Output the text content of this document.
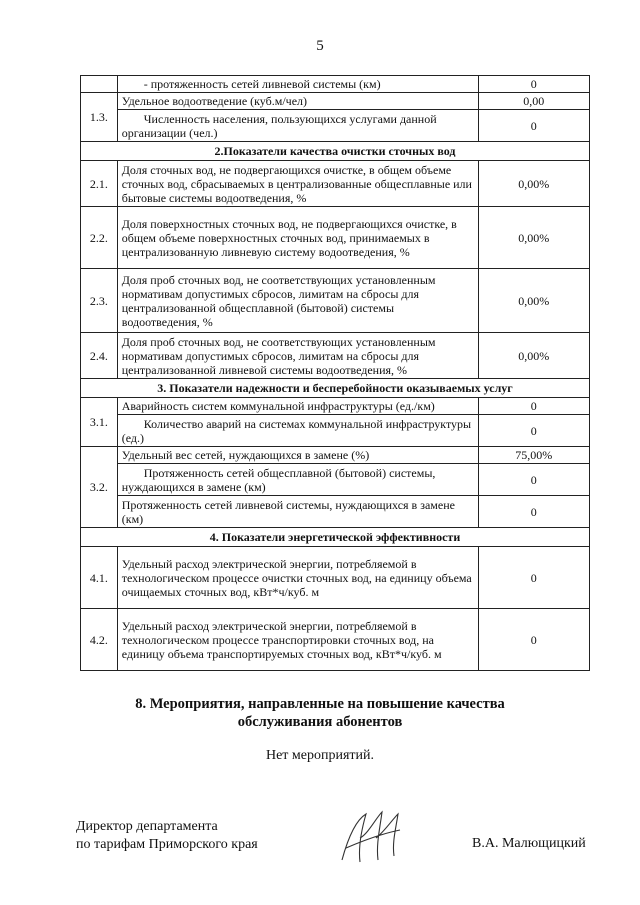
5
	- протяженность сетей ливневой системы (км)	0
1.3.	Удельное водоотведение (куб.м/чел)	0,00
	Численность населения, пользующихся услугами данной организации (чел.)	0
2.Показатели качества очистки сточных вод		
2.1.	Доля сточных вод, не подвергающихся очистке, в общем объеме сточных вод, сбрасываемых в централизованные общесплавные или бытовые системы водоотведения, %	0,00%
2.2.	Доля поверхностных сточных вод, не подвергающихся очистке, в общем объеме поверхностных сточных вод, принимаемых в централизованную ливневую систему водоотведения, %	0,00%
2.3.	Доля проб сточных вод, не соответствующих установленным нормативам допустимых сбросов, лимитам на сбросы для централизованной общесплавной (бытовой) системы водоотведения, %	0,00%
2.4.	Доля проб сточных вод, не соответствующих установленным нормативам допустимых сбросов, лимитам на сбросы для централизованной ливневой системы водоотведения, %	0,00%
3. Показатели надежности и бесперебойности оказываемых услуг		
3.1.	Аварийность систем коммунальной инфраструктуры (ед./км)	0
	Количество аварий на системах коммунальной инфраструктуры (ед.)	0
3.2.	Удельный вес сетей, нуждающихся в замене (%)	75,00%
	Протяженность сетей общесплавной (бытовой) системы, нуждающихся в замене (км)	0
	Протяженность сетей ливневой системы, нуждающихся в замене (км)	0
4. Показатели энергетической эффективности		
4.1.	Удельный расход электрической энергии, потребляемой в технологическом процессе очистки сточных вод, на единицу объема очищаемых сточных вод, кВт*ч/куб. м	0
4.2.	Удельный расход электрической энергии, потребляемой в технологическом процессе транспортировки сточных вод, на единицу объема транспортируемых сточных вод, кВт*ч/куб. м	0
8. Мероприятия, направленные на повышение качества
обслуживания абонентов
Нет мероприятий.
Директор департамента
по тарифам Приморского края	В.А. Малющицкий
